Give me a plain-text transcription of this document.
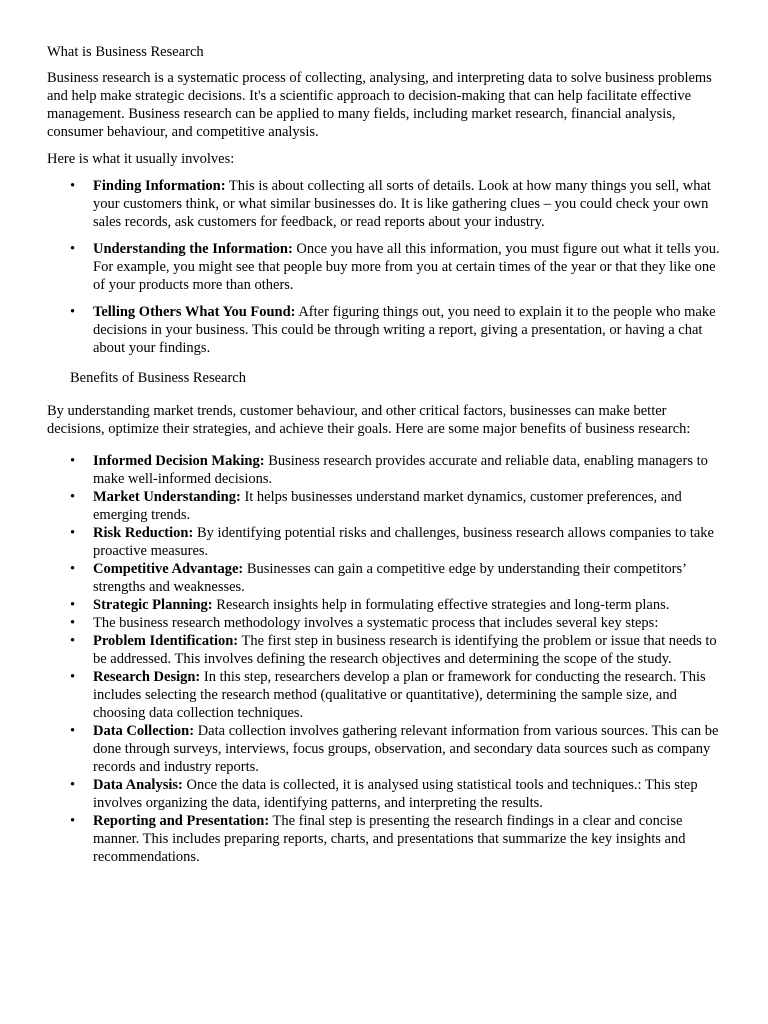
What is Business Research

Business research is a systematic process of collecting, analysing, and interpreting data to solve business problems and help make strategic decisions. It's a scientific approach to decision-making that can help facilitate effective management. Business research can be applied to many fields, including market research, financial analysis, consumer behaviour, and competitive analysis.

Here is what it usually involves:

• Finding Information: This is about collecting all sorts of details. Look at how many things you sell, what your customers think, or what similar businesses do. It is like gathering clues – you could check your own sales records, ask customers for feedback, or read reports about your industry.
• Understanding the Information: Once you have all this information, you must figure out what it tells you. For example, you might see that people buy more from you at certain times of the year or that they like one of your products more than others.
• Telling Others What You Found: After figuring things out, you need to explain it to the people who make decisions in your business. This could be through writing a report, giving a presentation, or having a chat about your findings.

Benefits of Business Research

By understanding market trends, customer behaviour, and other critical factors, businesses can make better decisions, optimize their strategies, and achieve their goals. Here are some major benefits of business research:

• Informed Decision Making: Business research provides accurate and reliable data, enabling managers to make well-informed decisions.
• Market Understanding: It helps businesses understand market dynamics, customer preferences, and emerging trends.
• Risk Reduction: By identifying potential risks and challenges, business research allows companies to take proactive measures.
• Competitive Advantage: Businesses can gain a competitive edge by understanding their competitors’ strengths and weaknesses.
• Strategic Planning: Research insights help in formulating effective strategies and long-term plans.
• The business research methodology involves a systematic process that includes several key steps:
• Problem Identification: The first step in business research is identifying the problem or issue that needs to be addressed. This involves defining the research objectives and determining the scope of the study.
• Research Design: In this step, researchers develop a plan or framework for conducting the research. This includes selecting the research method (qualitative or quantitative), determining the sample size, and choosing data collection techniques.
• Data Collection: Data collection involves gathering relevant information from various sources. This can be done through surveys, interviews, focus groups, observation, and secondary data sources such as company records and industry reports.
• Data Analysis: Once the data is collected, it is analysed using statistical tools and techniques.: This step involves organizing the data, identifying patterns, and interpreting the results.
• Reporting and Presentation: The final step is presenting the research findings in a clear and concise manner. This includes preparing reports, charts, and presentations that summarize the key insights and recommendations.
